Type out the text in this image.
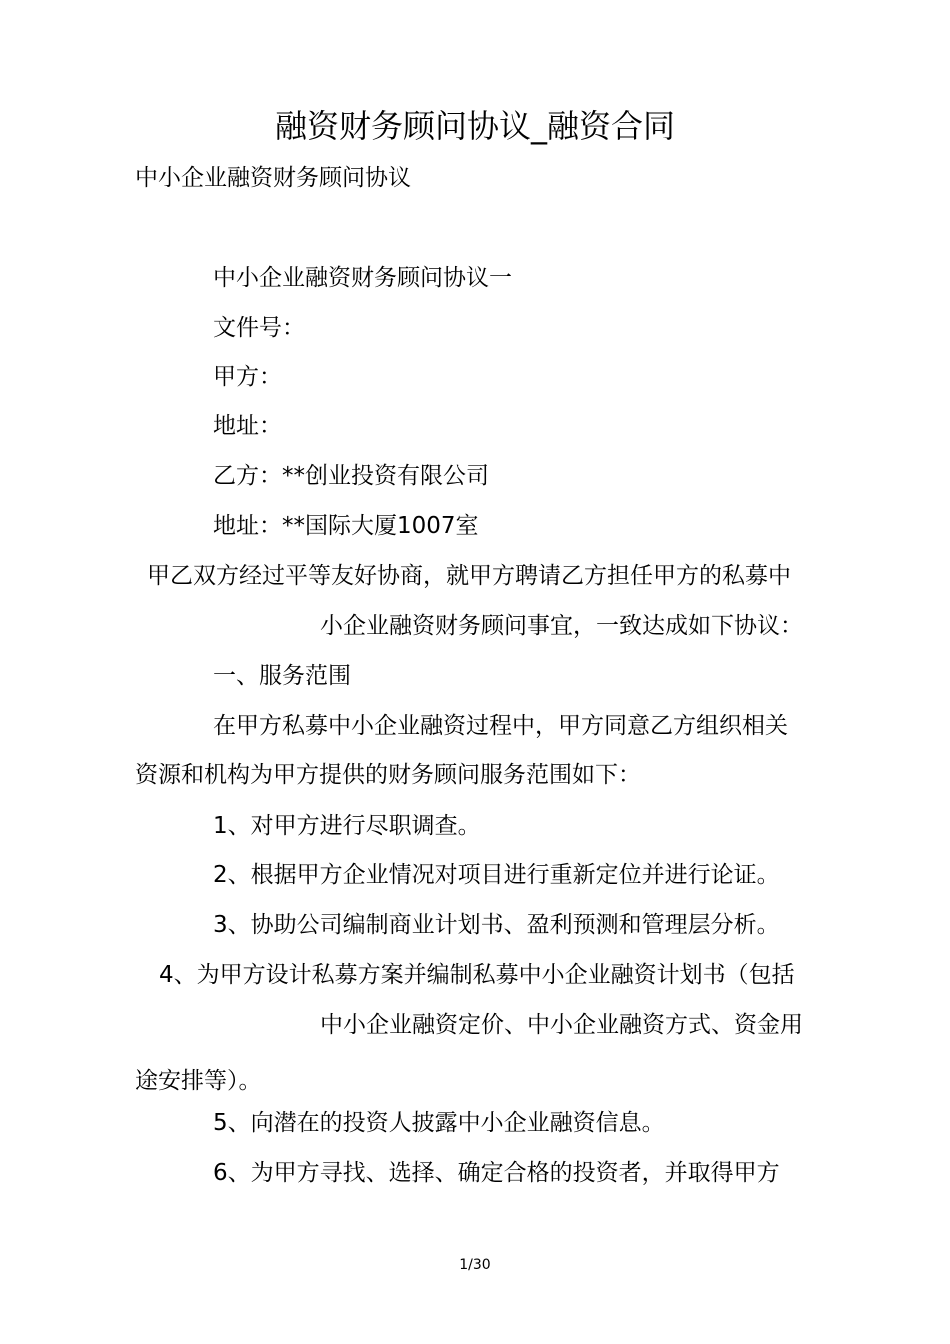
融资财务顾问协议_融资合同
中小企业融资财务顾问协议
中小企业融资财务顾问协议一
文件号：
甲方：
地址：
乙方：**创业投资有限公司
地址：**国际大厦1007室
甲乙双方经过平等友好协商，就甲方聘请乙方担任甲方的私募中
小企业融资财务顾问事宜，一致达成如下协议：
一、服务范围
在甲方私募中小企业融资过程中，甲方同意乙方组织相关
资源和机构为甲方提供的财务顾问服务范围如下：
1、对甲方进行尽职调查。
2、根据甲方企业情况对项目进行重新定位并进行论证。
3、协助公司编制商业计划书、盈利预测和管理层分析。
4、为甲方设计私募方案并编制私募中小企业融资计划书（包括
中小企业融资定价、中小企业融资方式、资金用
途安排等）。
5、向潜在的投资人披露中小企业融资信息。
6、为甲方寻找、选择、确定合格的投资者，并取得甲方
1/30
